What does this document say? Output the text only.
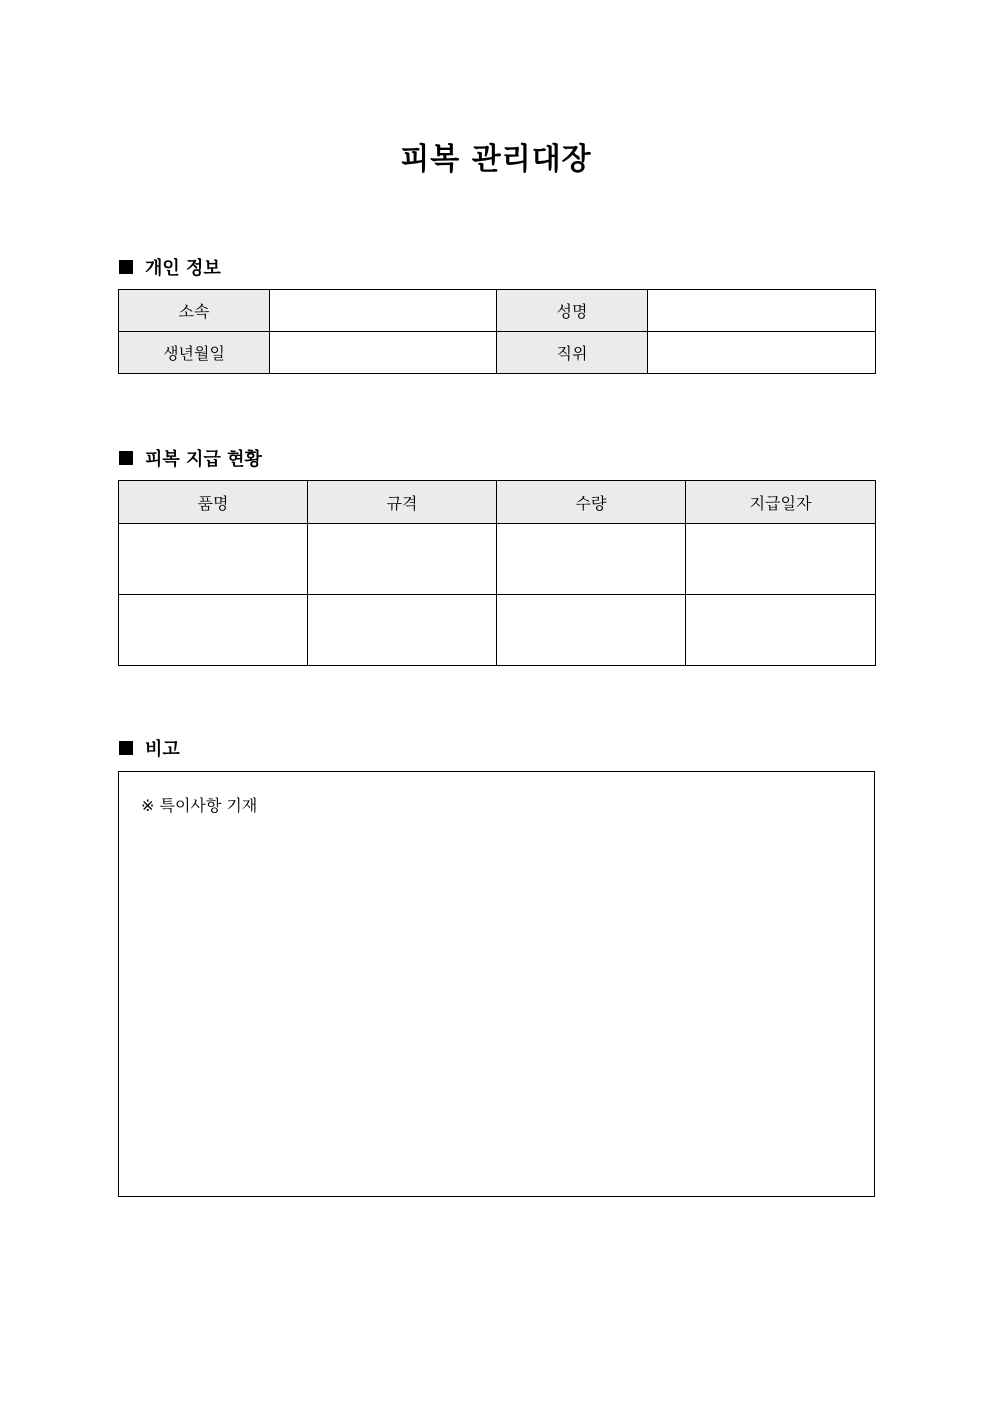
피복 관리대장
개인 정보
소속		성명	
생년월일		직위	
피복 지급 현황
품명	규격	수량	지급일자

비고
※ 특이사항 기재
